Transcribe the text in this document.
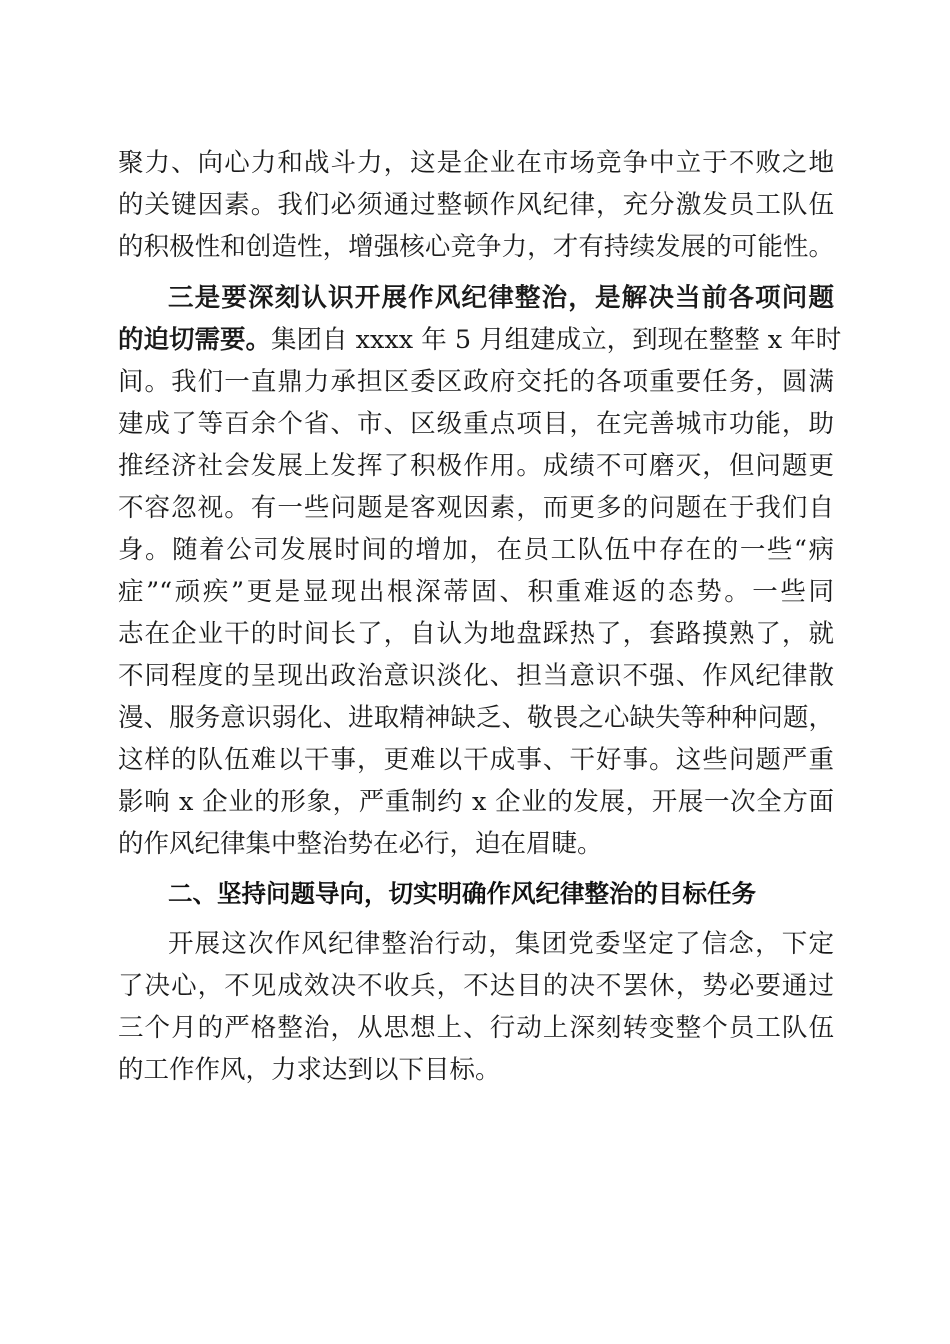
聚力、向心力和战斗力，这是企业在市场竞争中立于不败之地
的关键因素。我们必须通过整顿作风纪律，充分激发员工队伍
的积极性和创造性，增强核心竞争力，才有持续发展的可能性。
三是要深刻认识开展作风纪律整治，是解决当前各项问题
的迫切需要。集团自 xxxx 年 5 月组建成立，到现在整整 x 年时
间。我们一直鼎力承担区委区政府交托的各项重要任务，圆满
建成了等百余个省、市、区级重点项目，在完善城市功能，助
推经济社会发展上发挥了积极作用。成绩不可磨灭，但问题更
不容忽视。有一些问题是客观因素，而更多的问题在于我们自
身。随着公司发展时间的增加，在员工队伍中存在的一些“病
症”“顽疾”更是显现出根深蒂固、积重难返的态势。一些同
志在企业干的时间长了，自认为地盘踩热了，套路摸熟了，就
不同程度的呈现出政治意识淡化、担当意识不强、作风纪律散
漫、服务意识弱化、进取精神缺乏、敬畏之心缺失等种种问题，
这样的队伍难以干事，更难以干成事、干好事。这些问题严重
影响 x 企业的形象，严重制约 x 企业的发展，开展一次全方面
的作风纪律集中整治势在必行，迫在眉睫。
二、坚持问题导向，切实明确作风纪律整治的目标任务
开展这次作风纪律整治行动，集团党委坚定了信念，下定
了决心，不见成效决不收兵，不达目的决不罢休，势必要通过
三个月的严格整治，从思想上、行动上深刻转变整个员工队伍
的工作作风，力求达到以下目标。
